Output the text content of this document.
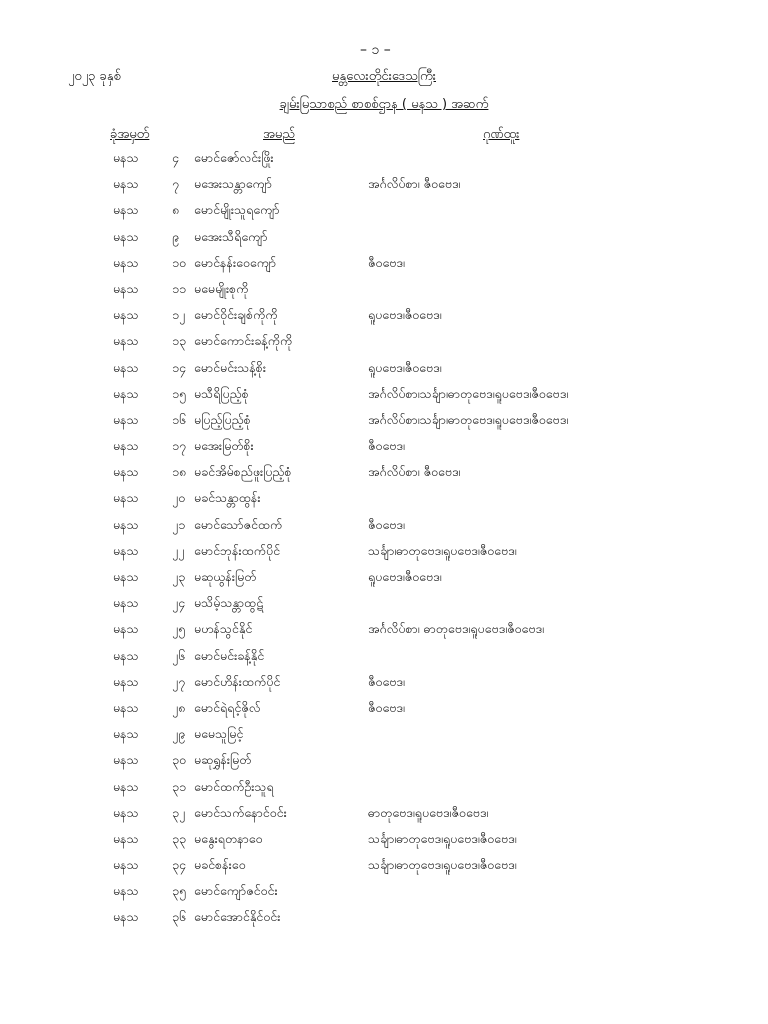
– ၁ –
၂၀၂၃ ခုနှစ်	မန္တလေးတိုင်းဒေသကြီး
ချမ်းမြသာစည် စာစစ်ဌာန ( မနသ ) အဆက်
ခုံအမှတ်	အမည်	ဂုဏ်ထူး
မနသ	၄ မောင်ဇော်လင်းဖြိုး
မနသ	၇ မအေးသန္တာကျော်	အင်္ဂလိပ်စာ၊ ဇီဝဗေဒ၊
မနသ	၈ မောင်မျိုးသူရကျော်
မနသ	၉ မအေးသီရိကျော်
မနသ	၁၀ မောင်နန်းဝေကျော်	ဇီဝဗေဒ၊
မနသ	၁၁ မမေမျိုးစုကို
မနသ	၁၂ မောင်ဝိုင်းချစ်ကိုကို	ရူပဗေဒ၊ဇီဝဗေဒ၊
မနသ	၁၃ မောင်ကောင်းခန့်ကိုကို
မနသ	၁၄ မောင်မင်းသန့်စိုး	ရူပဗေဒ၊ဇီဝဗေဒ၊
မနသ	၁၅ မသီရိပြည့်စုံ	အင်္ဂလိပ်စာ၊သင်္ချာ၊ဓာတုဗေဒ၊ရူပဗေဒ၊ဇီဝဗေဒ၊
မနသ	၁၆ မပြည့်ပြည့်စုံ	အင်္ဂလိပ်စာ၊သင်္ချာ၊ဓာတုဗေဒ၊ရူပဗေဒ၊ဇီဝဗေဒ၊
မနသ	၁၇ မအေးမြတ်စိုး	ဇီဝဗေဒ၊
မနသ	၁၈ မခင်အိမ်စည်ဖူးပြည့်စုံ	အင်္ဂလိပ်စာ၊ ဇီဝဗေဒ၊
မနသ	၂၀ မခင်သန္တာထွန်း
မနသ	၂၁ မောင်သော်ဇင်ထက်	ဇီဝဗေဒ၊
မနသ	၂၂ မောင်ဘုန်းထက်ပိုင်	သင်္ချာ၊ဓာတုဗေဒ၊ရူပဗေဒ၊ဇီဝဗေဒ၊
မနသ	၂၃ မဆုယွန်းမြတ်	ရူပဗေဒ၊ဇီဝဗေဒ၊
မနသ	၂၄ မသိမ့်သန္တာထွဋ်
မနသ	၂၅ မဟန်သွင်နိုင်	အင်္ဂလိပ်စာ၊ ဓာတုဗေဒ၊ရူပဗေဒ၊ဇီဝဗေဒ၊
မနသ	၂၆ မောင်မင်းခန့်နိုင်
မနသ	၂၇ မောင်ဟိန်းထက်ပိုင်	ဇီဝဗေဒ၊
မနသ	၂၈ မောင်ရဲရင့်ဇိုလ်	ဇီဝဗေဒ၊
မနသ	၂၉ မမေသူမြင့်
မနသ	၃၀ မဆုရွှန်းမြတ်
မနသ	၃၁ မောင်ထက်ဦးသူရ
မနသ	၃၂ မောင်သက်နောင်ဝင်း	ဓာတုဗေဒ၊ရူပဗေဒ၊ဇီဝဗေဒ၊
မနသ	၃၃ မနွေးရတနာဝေ	သင်္ချာ၊ဓာတုဗေဒ၊ရူပဗေဒ၊ဇီဝဗေဒ၊
မနသ	၃၄ မခင်စန်းဝေ	သင်္ချာ၊ဓာတုဗေဒ၊ရူပဗေဒ၊ဇီဝဗေဒ၊
မနသ	၃၅ မောင်ကျော်ဇင်ဝင်း
မနသ	၃၆ မောင်အောင်နိုင်ဝင်း
